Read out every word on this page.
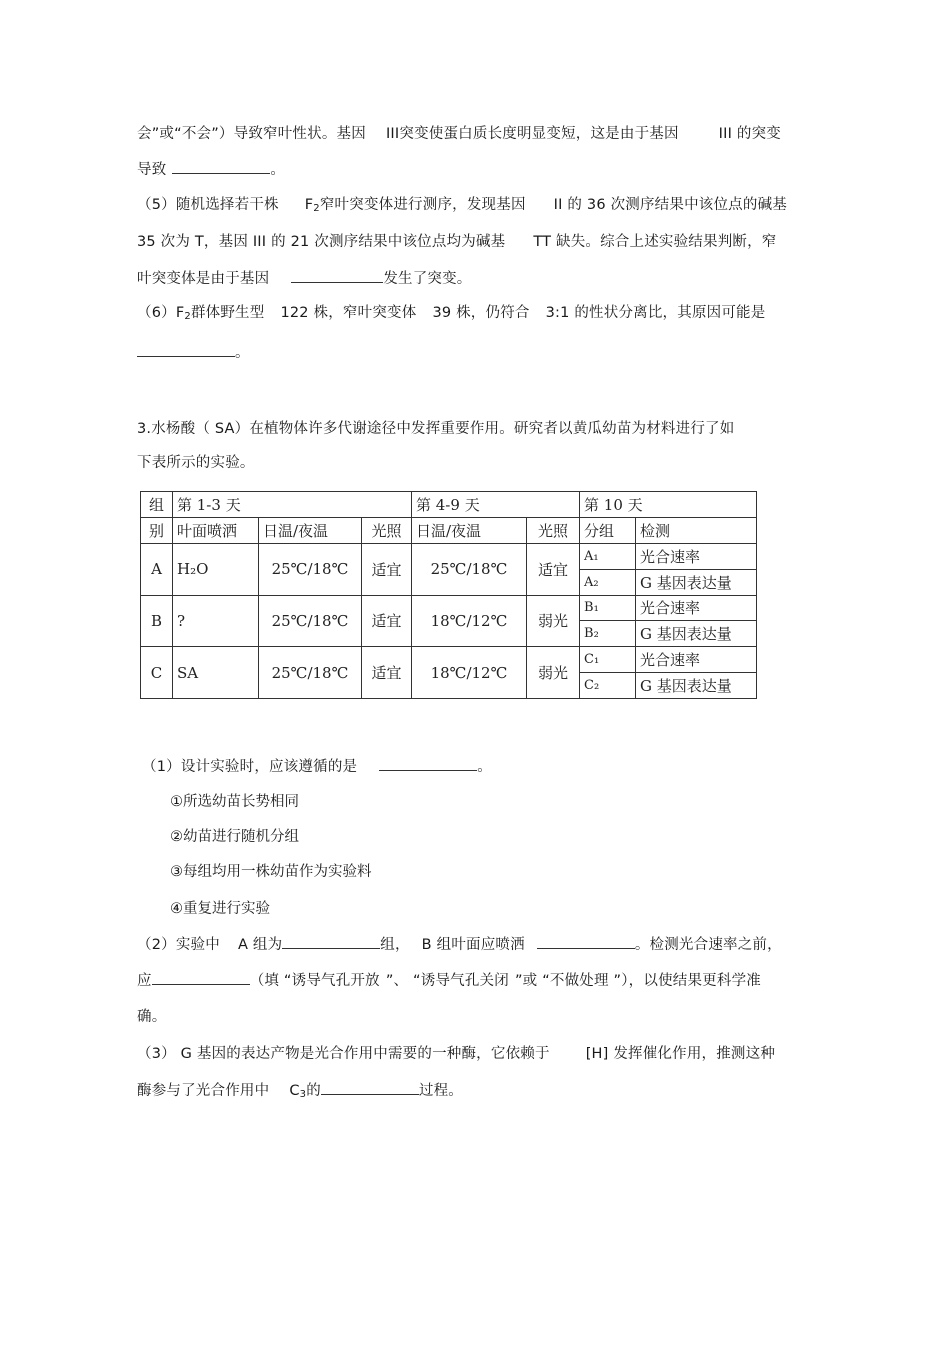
会”或“不会”）导致窄叶性状。基因 III突变使蛋白质长度明显变短，这是由于基因	III 的突变
导致	。
（5）随机选择若干株 $F_2$窄叶突变体进行测序，发现基因 II 的 36 次测序结果中该位点的碱基
35 次为 T，基因 III 的 21 次测序结果中该位点均为碱基 TT 缺失。综合上述实验结果判断，窄
叶突变体是由于基因	发生了突变。
$(6)F_2$群体野生型 122 株，窄叶突变体 39 株，仍符合 3:1 的性状分离比，其原因可能是
。
3.水杨酸（ SA）在植物体许多代谢途径中发挥重要作用。研究者以黄瓜幼苗为材料进行了如
下表所示的实验。
组	第 1-3 天			第 4-9 天		第 10 天	
别	叶面喷洒	日温/夜温	光照	日温/夜温	光照	分组	检测
A	H₂O	25℃/18℃	适宜	25℃/18℃	适宜	A₁	光合速率
						A₂	G 基因表达量
B	?	25℃/18℃	适宜	18℃/12℃	弱光	B₁	光合速率
						B₂	G 基因表达量
C	SA	25℃/18℃	适宜	18℃/12℃	弱光	C₁	光合速率
						C₂	G 基因表达量
（1）设计实验时，应该遵循的是	。
①所选幼苗长势相同
②幼苗进行随机分组
③每组均用一株幼苗作为实验料
④重复进行实验
（2）实验中 A 组为	组， B 组叶面应喷洒	。检测光合速率之前，
应	（填 “诱导气孔开放 ”、 “诱导气孔关闭 ”或 “不做处理 ”），以使结果更科学准
确。
（3） G 基因的表达产物是光合作用中需要的一种酶，它依赖于 [H] 发挥催化作用，推测这种
酶参与了光合作用中 $C_3$的	过程。
